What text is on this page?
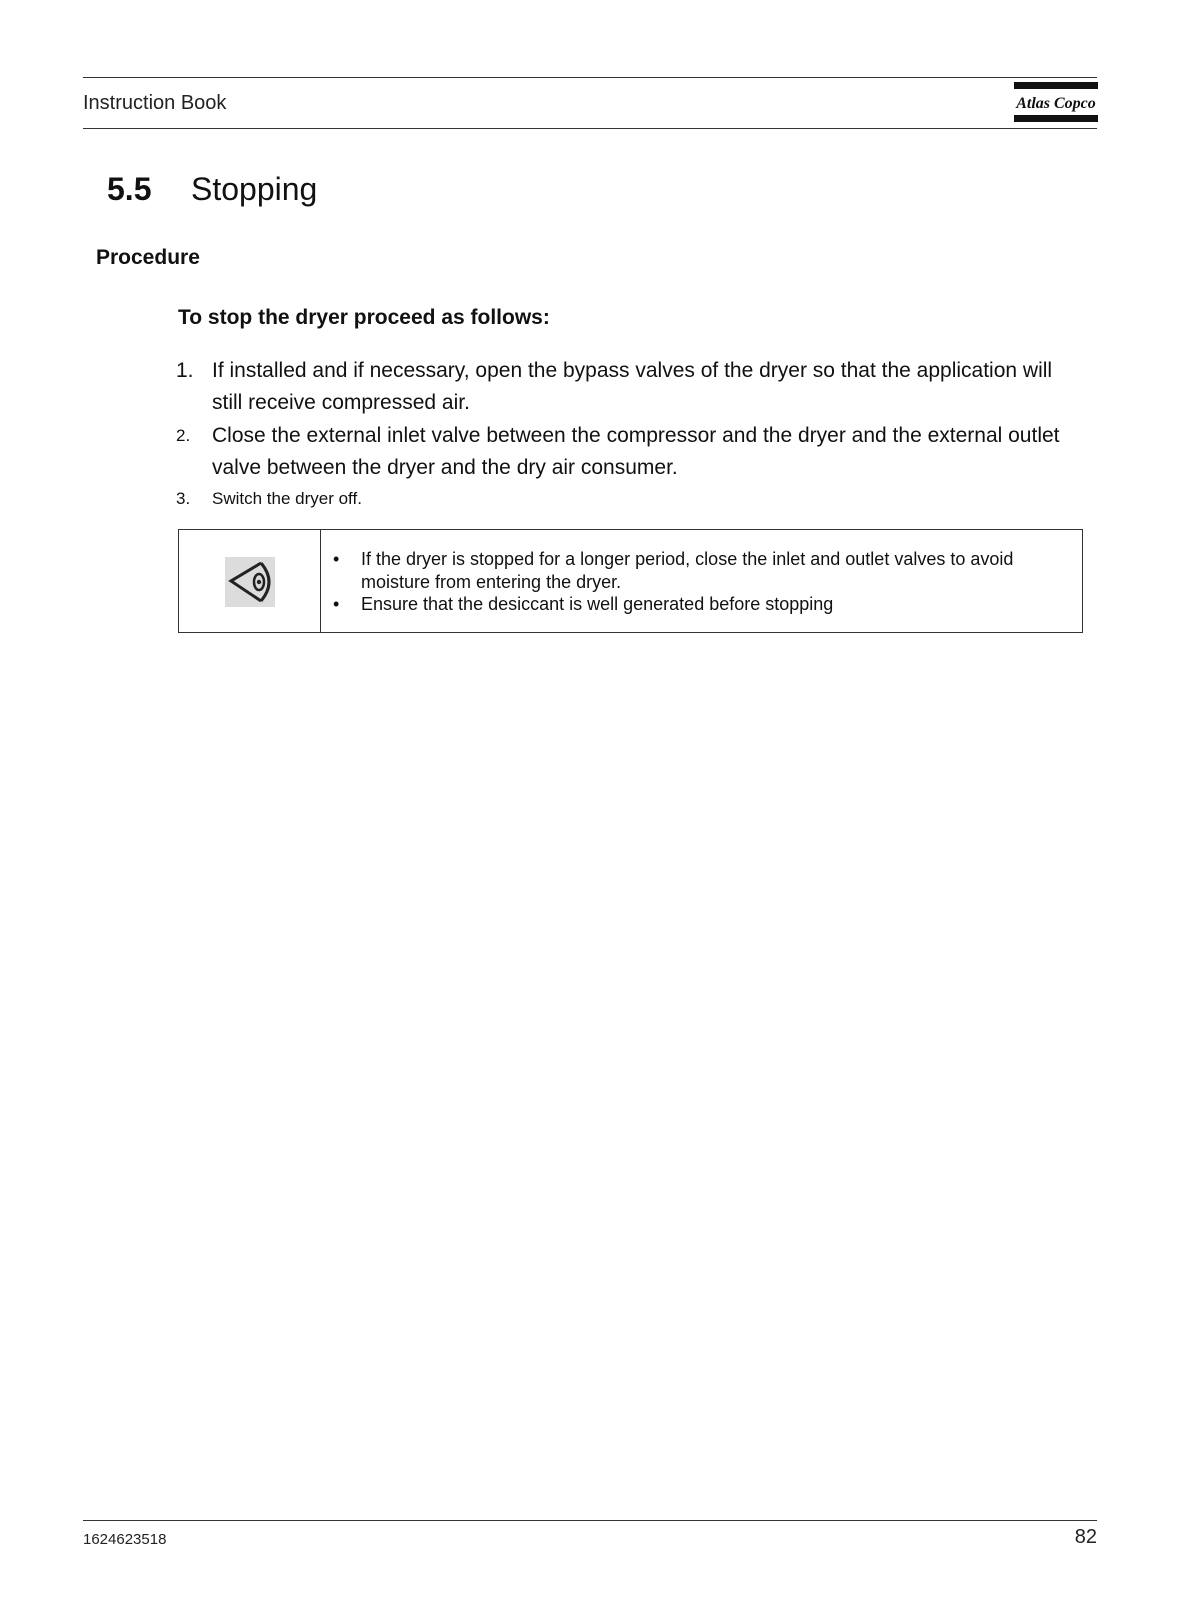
Instruction Book	Atlas Copco
5.5 Stopping
Procedure
To stop the dryer proceed as follows:
1. If installed and if necessary, open the bypass valves of the dryer so that the application will still receive compressed air.
2.	Close the external inlet valve between the compressor and the dryer and the external outlet valve between the dryer and the dry air consumer.
3.	Switch the dryer off.
•	If the dryer is stopped for a longer period, close the inlet and outlet valves to avoid moisture from entering the dryer.
•	Ensure that the desiccant is well generated before stopping
1624623518	82
